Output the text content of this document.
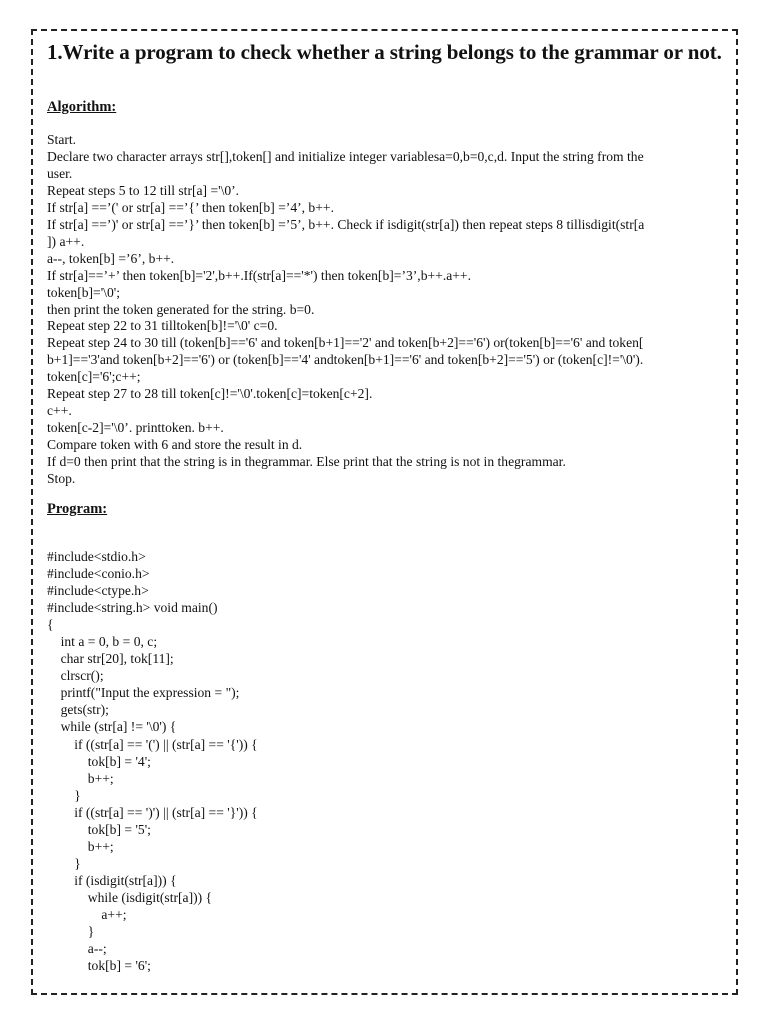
1.Write a program to check whether a string belongs to the grammar or not.
Algorithm:
Start.
Declare two character arrays str[],token[] and initialize integer variablesa=0,b=0,c,d. Input the string from the
user.
Repeat steps 5 to 12 till str[a] ='\0’.
If str[a] ==’(' or str[a] ==’{’ then token[b] =’4’, b++.
If str[a] ==’)' or str[a] ==’}’ then token[b] =’5’, b++. Check if isdigit(str[a]) then repeat steps 8 tillisdigit(str[a
]) a++.
a--, token[b] =’6’, b++.
If str[a]==’+’ then token[b]='2',b++.If(str[a]=='*') then token[b]=’3’,b++.a++.
token[b]='\0';
then print the token generated for the string. b=0.
Repeat step 22 to 31 tilltoken[b]!='\0' c=0.
Repeat step 24 to 30 till (token[b]=='6' and token[b+1]=='2' and token[b+2]=='6') or(token[b]=='6' and token[
b+1]=='3'and token[b+2]=='6') or (token[b]=='4' andtoken[b+1]=='6' and token[b+2]=='5') or (token[c]!='\0').
token[c]='6';c++;
Repeat step 27 to 28 till token[c]!='\0'.token[c]=token[c+2].
c++.
token[c-2]='\0’. printtoken. b++.
Compare token with 6 and store the result in d.
If d=0 then print that the string is in thegrammar. Else print that the string is not in thegrammar.
Stop.
Program:
#include<stdio.h>
#include<conio.h>
#include<ctype.h>
#include<string.h> void main()
{
int a = 0, b = 0, c;
char str[20], tok[11];
clrscr();
printf("Input the expression = ");
gets(str);
while (str[a] != '\0') {
if ((str[a] == '(') || (str[a] == '{')) {
tok[b] = '4';
b++;
}
if ((str[a] == ')') || (str[a] == '}')) {
tok[b] = '5';
b++;
}
if (isdigit(str[a])) {
while (isdigit(str[a])) {
a++;
}
a--;
tok[b] = '6';
